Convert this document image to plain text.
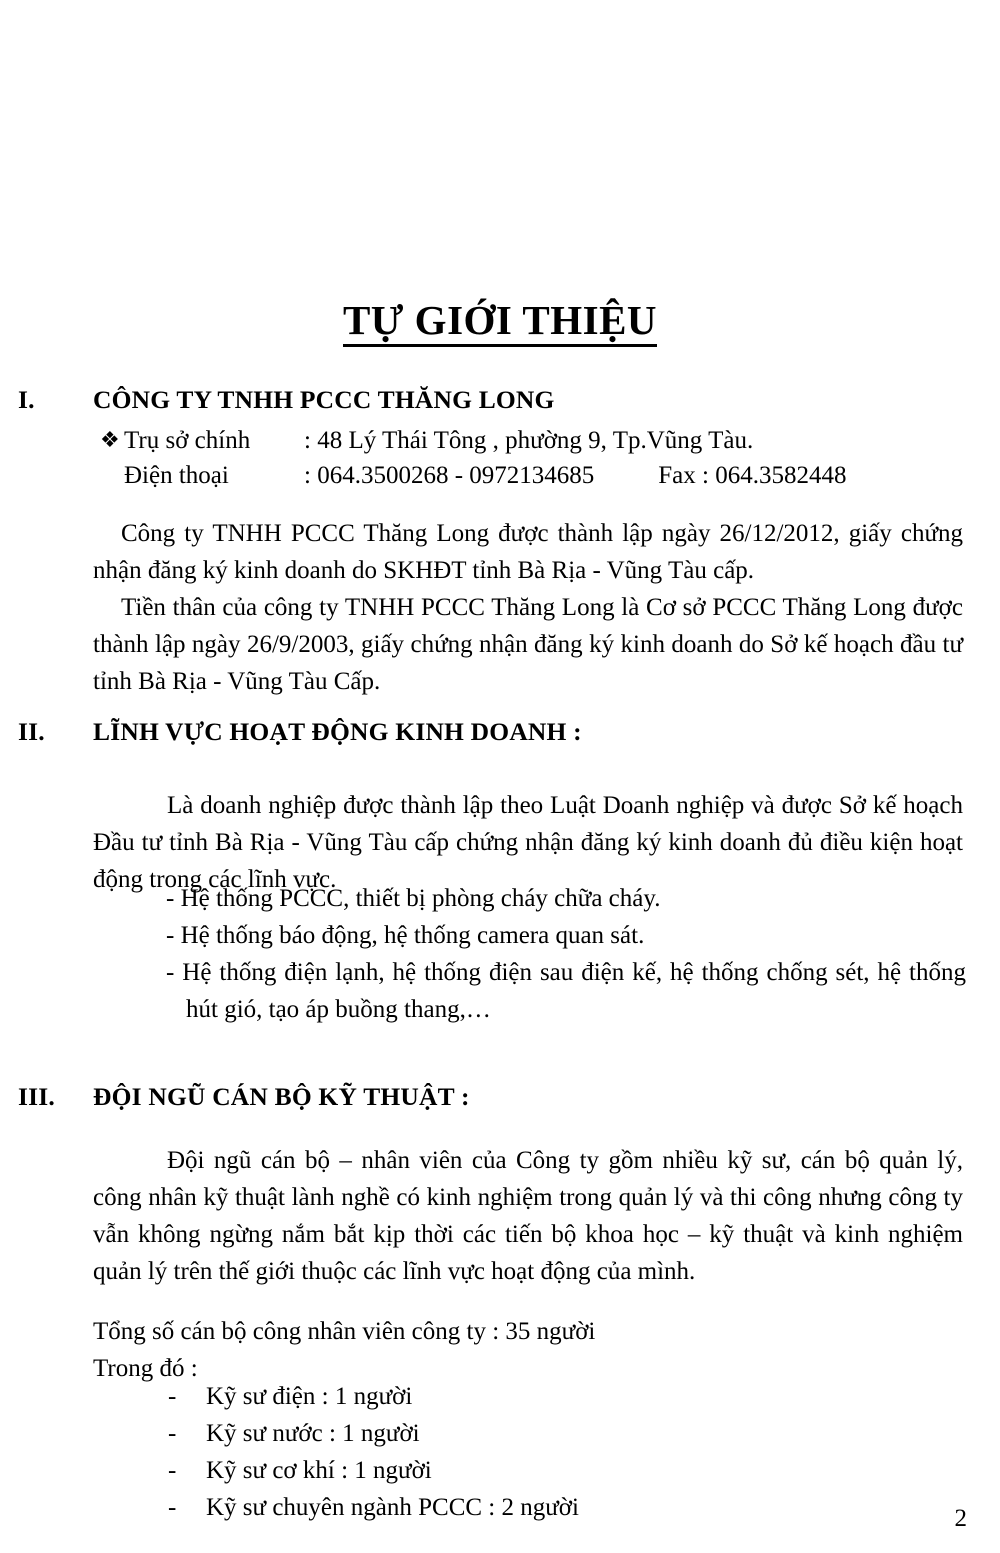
TỰ GIỚI THIỆU
I. CÔNG TY TNHH PCCC THĂNG LONG
❖ Trụ sở chính : 48 Lý Thái Tông , phường 9, Tp.Vũng Tàu.
Điện thoại	: 064.3500268 - 0972134685	Fax : 064.3582448

Công ty TNHH PCCC Thăng Long được thành lập ngày 26/12/2012, giấy chứng nhận đăng ký kinh doanh do SKHĐT tỉnh Bà Rịa - Vũng Tàu cấp.

Tiền thân của công ty TNHH PCCC Thăng Long là Cơ sở PCCC Thăng Long được thành lập ngày 26/9/2003, giấy chứng nhận đăng ký kinh doanh do Sở kế hoạch đầu tư tỉnh Bà Rịa - Vũng Tàu Cấp.

II. LĨNH VỰC HOẠT ĐỘNG KINH DOANH :

Là doanh nghiệp được thành lập theo Luật Doanh nghiệp và được Sở kế hoạch Đầu tư tỉnh Bà Rịa - Vũng Tàu cấp chứng nhận đăng ký kinh doanh đủ điều kiện hoạt động trong các lĩnh vực.

- Hệ thống PCCC, thiết bị phòng cháy chữa cháy.
- Hệ thống báo động, hệ thống camera quan sát.
- Hệ thống điện lạnh, hệ thống điện sau điện kế, hệ thống chống sét, hệ thống hút gió, tạo áp buồng thang,…
III. ĐỘI NGŨ CÁN BỘ KỸ THUẬT :

Đội ngũ cán bộ – nhân viên của Công ty gồm nhiều kỹ sư, cán bộ quản lý, công nhân kỹ thuật lành nghề có kinh nghiệm trong quản lý và thi công nhưng công ty vẫn không ngừng nắm bắt kịp thời các tiến bộ khoa học – kỹ thuật và kinh nghiệm quản lý trên thế giới thuộc các lĩnh vực hoạt động của mình.

Tổng số cán bộ công nhân viên công ty : 35 người
Trong đó :
- Kỹ sư điện : 1 người
- Kỹ sư nước : 1 người
- Kỹ sư cơ khí : 1 người
- Kỹ sư chuyên ngành PCCC : 2 người	2
